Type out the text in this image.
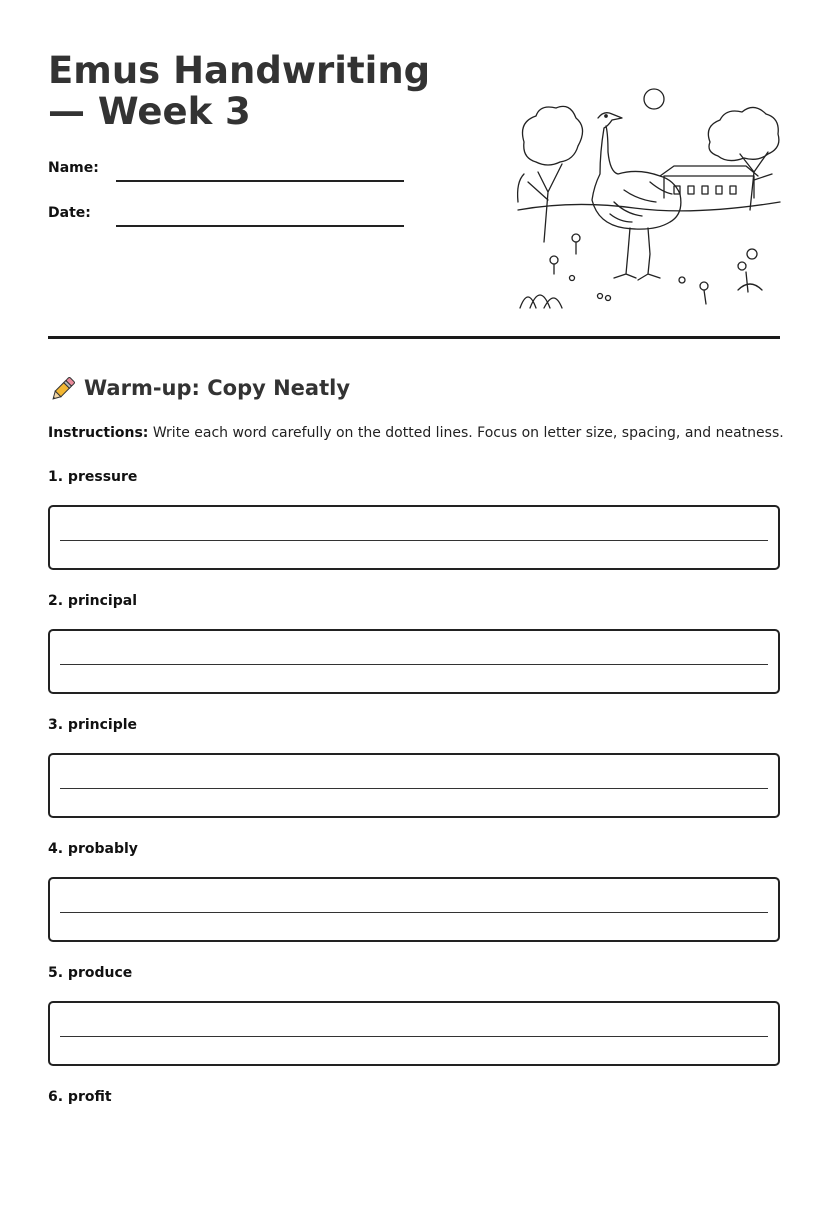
Emus Handwriting — Week 3
Name:
Date:
Warm-up: Copy Neatly
Instructions: Write each word carefully on the dotted lines. Focus on letter size, spacing, and neatness.
1. pressure
2. principal
3. principle
4. probably
5. produce
6. profit
